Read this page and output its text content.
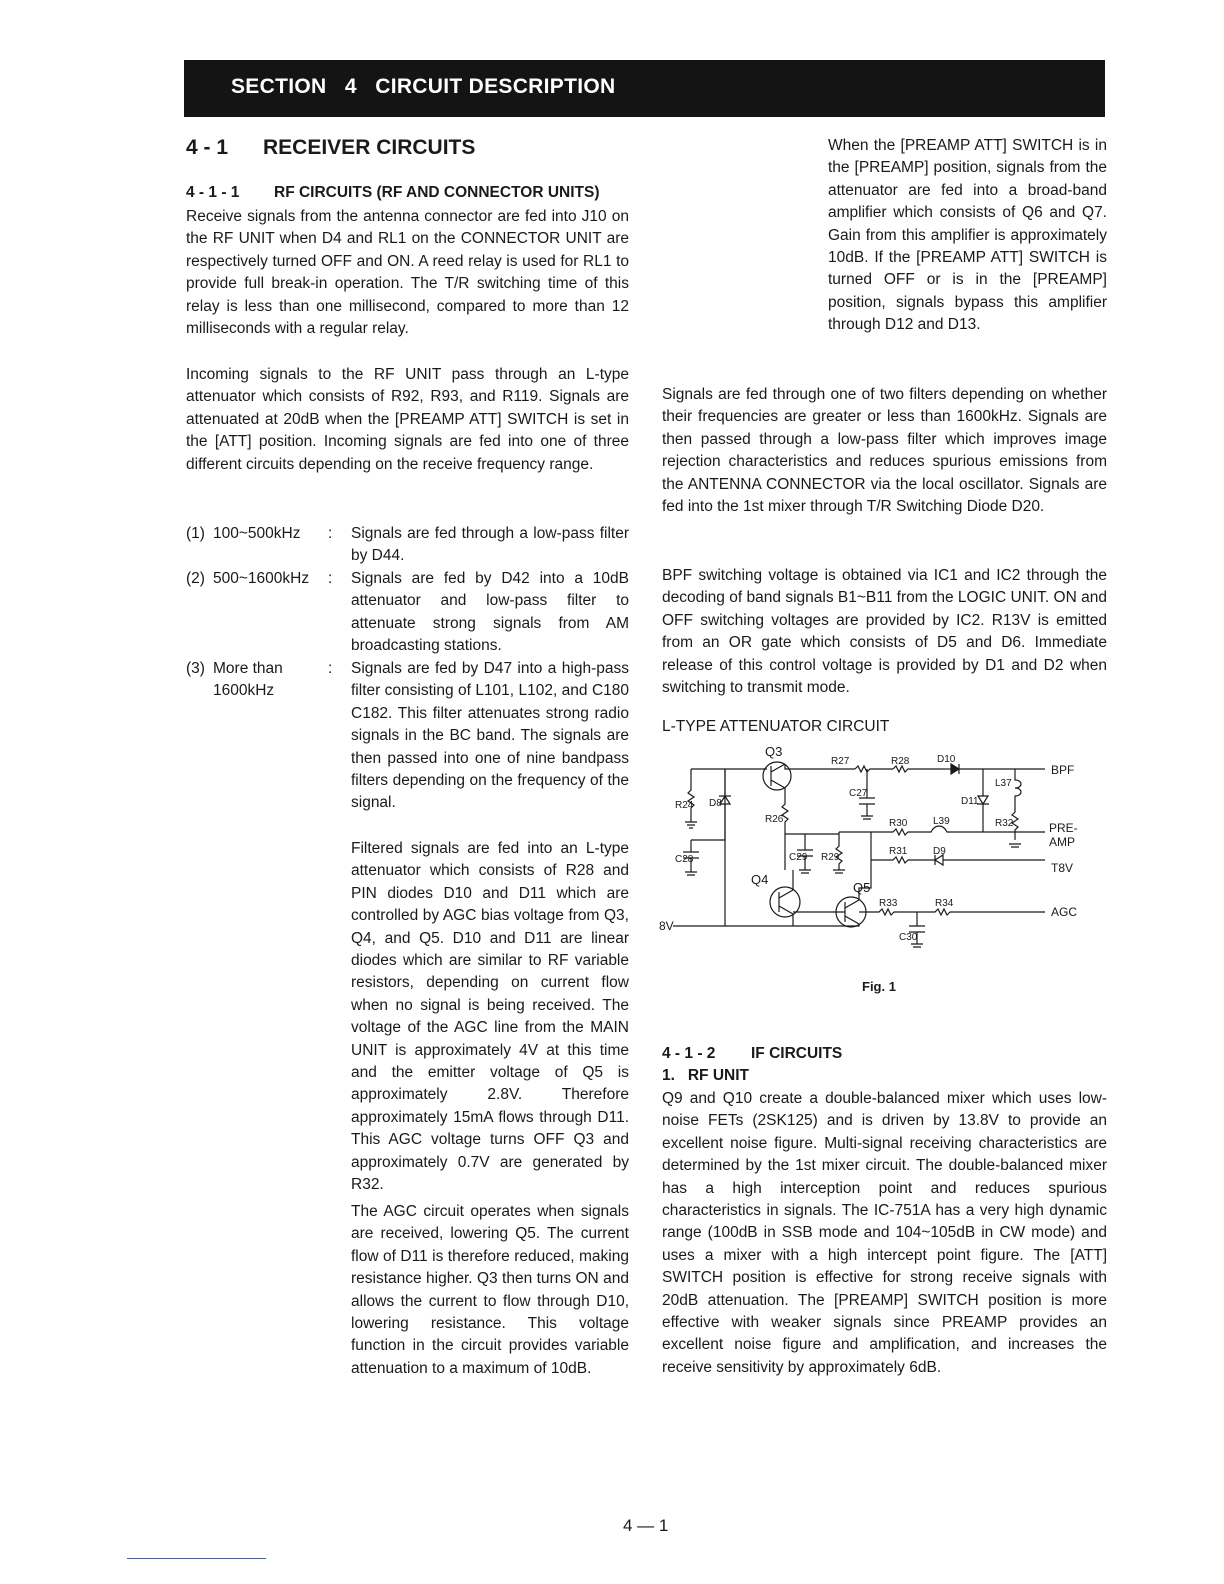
SECTION   4   CIRCUIT DESCRIPTION
4 - 1 RECEIVER CIRCUITS
4 - 1 - 1 RF CIRCUITS (RF AND CONNECTOR UNITS)

Receive signals from the antenna connector are fed into J10 on the RF UNIT when D4 and RL1 on the CONNECTOR UNIT are respectively turned OFF and ON. A reed relay is used for RL1 to provide full break-in operation. The T/R switching time of this relay is less than one millisecond, compared to more than 12 milliseconds with a regular relay.

Incoming signals to the RF UNIT pass through an L-type attenuator which consists of R92, R93, and R119. Signals are attenuated at 20dB when the [PREAMP ATT] SWITCH is set in the [ATT] position. Incoming signals are fed into one of three different circuits depending on the receive frequency range.

(1) 100~500kHz : Signals are fed through a low-pass filter by D44.

(2) 500~1600kHz : Signals are fed by D42 into a 10dB attenuator and low-pass filter to attenuate strong signals from AM broadcasting stations.

(3) More than
1600kHz
: Signals are fed by D47 into a high-pass filter consisting of L101, L102, and C180 C182. This filter attenuates strong radio signals in the BC band. The signals are then passed into one of nine bandpass filters depending on the frequency of the signal.

Filtered signals are fed into an L-type attenuator which consists of R28 and PIN diodes D10 and D11 which are controlled by AGC bias voltage from Q3, Q4, and Q5. D10 and D11 are linear diodes which are similar to RF variable resistors, depending on current flow when no signal is being received. The voltage of the AGC line from the MAIN UNIT is approximately 4V at this time and the emitter voltage of Q5 is approximately 2.8V. Therefore approximately 15mA flows through D11. This AGC voltage turns OFF Q3 and approximately 0.7V are generated by R32.

The AGC circuit operates when signals are received, lowering Q5. The current flow of D11 is therefore reduced, making resistance higher. Q3 then turns ON and allows the current to flow through D10, lowering resistance. This voltage function in the circuit provides variable attenuation to a maximum of 10dB.

When the [PREAMP ATT] SWITCH is in the [PREAMP] position, signals from the attenuator are fed into a broad-band amplifier which consists of Q6 and Q7. Gain from this amplifier is approximately 10dB. If the [PREAMP ATT] SWITCH is turned OFF or is in the [PREAMP] position, signals bypass this amplifier through D12 and D13.

Signals are fed through one of two filters depending on whether their frequencies are greater or less than 1600kHz. Signals are then passed through a low-pass filter which improves image rejection characteristics and reduces spurious emissions from the ANTENNA CONNECTOR via the local oscillator. Signals are fed into the 1st mixer through T/R Switching Diode D20.

BPF switching voltage is obtained via IC1 and IC2 through the decoding of band signals B1~B11 from the LOGIC UNIT. ON and OFF switching voltages are provided by IC2. R13V is emitted from an OR gate which consists of D5 and D6. Immediate release of this control voltage is provided by D1 and D2 when switching to transmit mode.

L-TYPE ATTENUATOR CIRCUIT
Q3
R27	R28	D10
R24 D8
C27
R26
D11
L37
R32
R30	L39
R31	D9
C28	C29 R29
Q4
Q5
R33	R34
C30
BPF
PRE-
AMP
T8V
AGC
8V
Fig. 1
4 - 1 - 2 IF CIRCUITS
1.   RF UNIT

Q9 and Q10 create a double-balanced mixer which uses low-noise FETs (2SK125) and is driven by 13.8V to provide an excellent noise figure. Multi-signal receiving characteristics are determined by the 1st mixer circuit. The double-balanced mixer has a high interception point and reduces spurious characteristics in signals. The IC-751A has a very high dynamic range (100dB in SSB mode and 104~105dB in CW mode) and uses a mixer with a high intercept point figure. The [ATT] SWITCH position is effective for strong receive signals with 20dB attenuation. The [PREAMP] SWITCH position is more effective with weaker signals since PREAMP provides an excellent noise figure and amplification, and increases the receive sensitivity by approximately 6dB.

4 — 1
